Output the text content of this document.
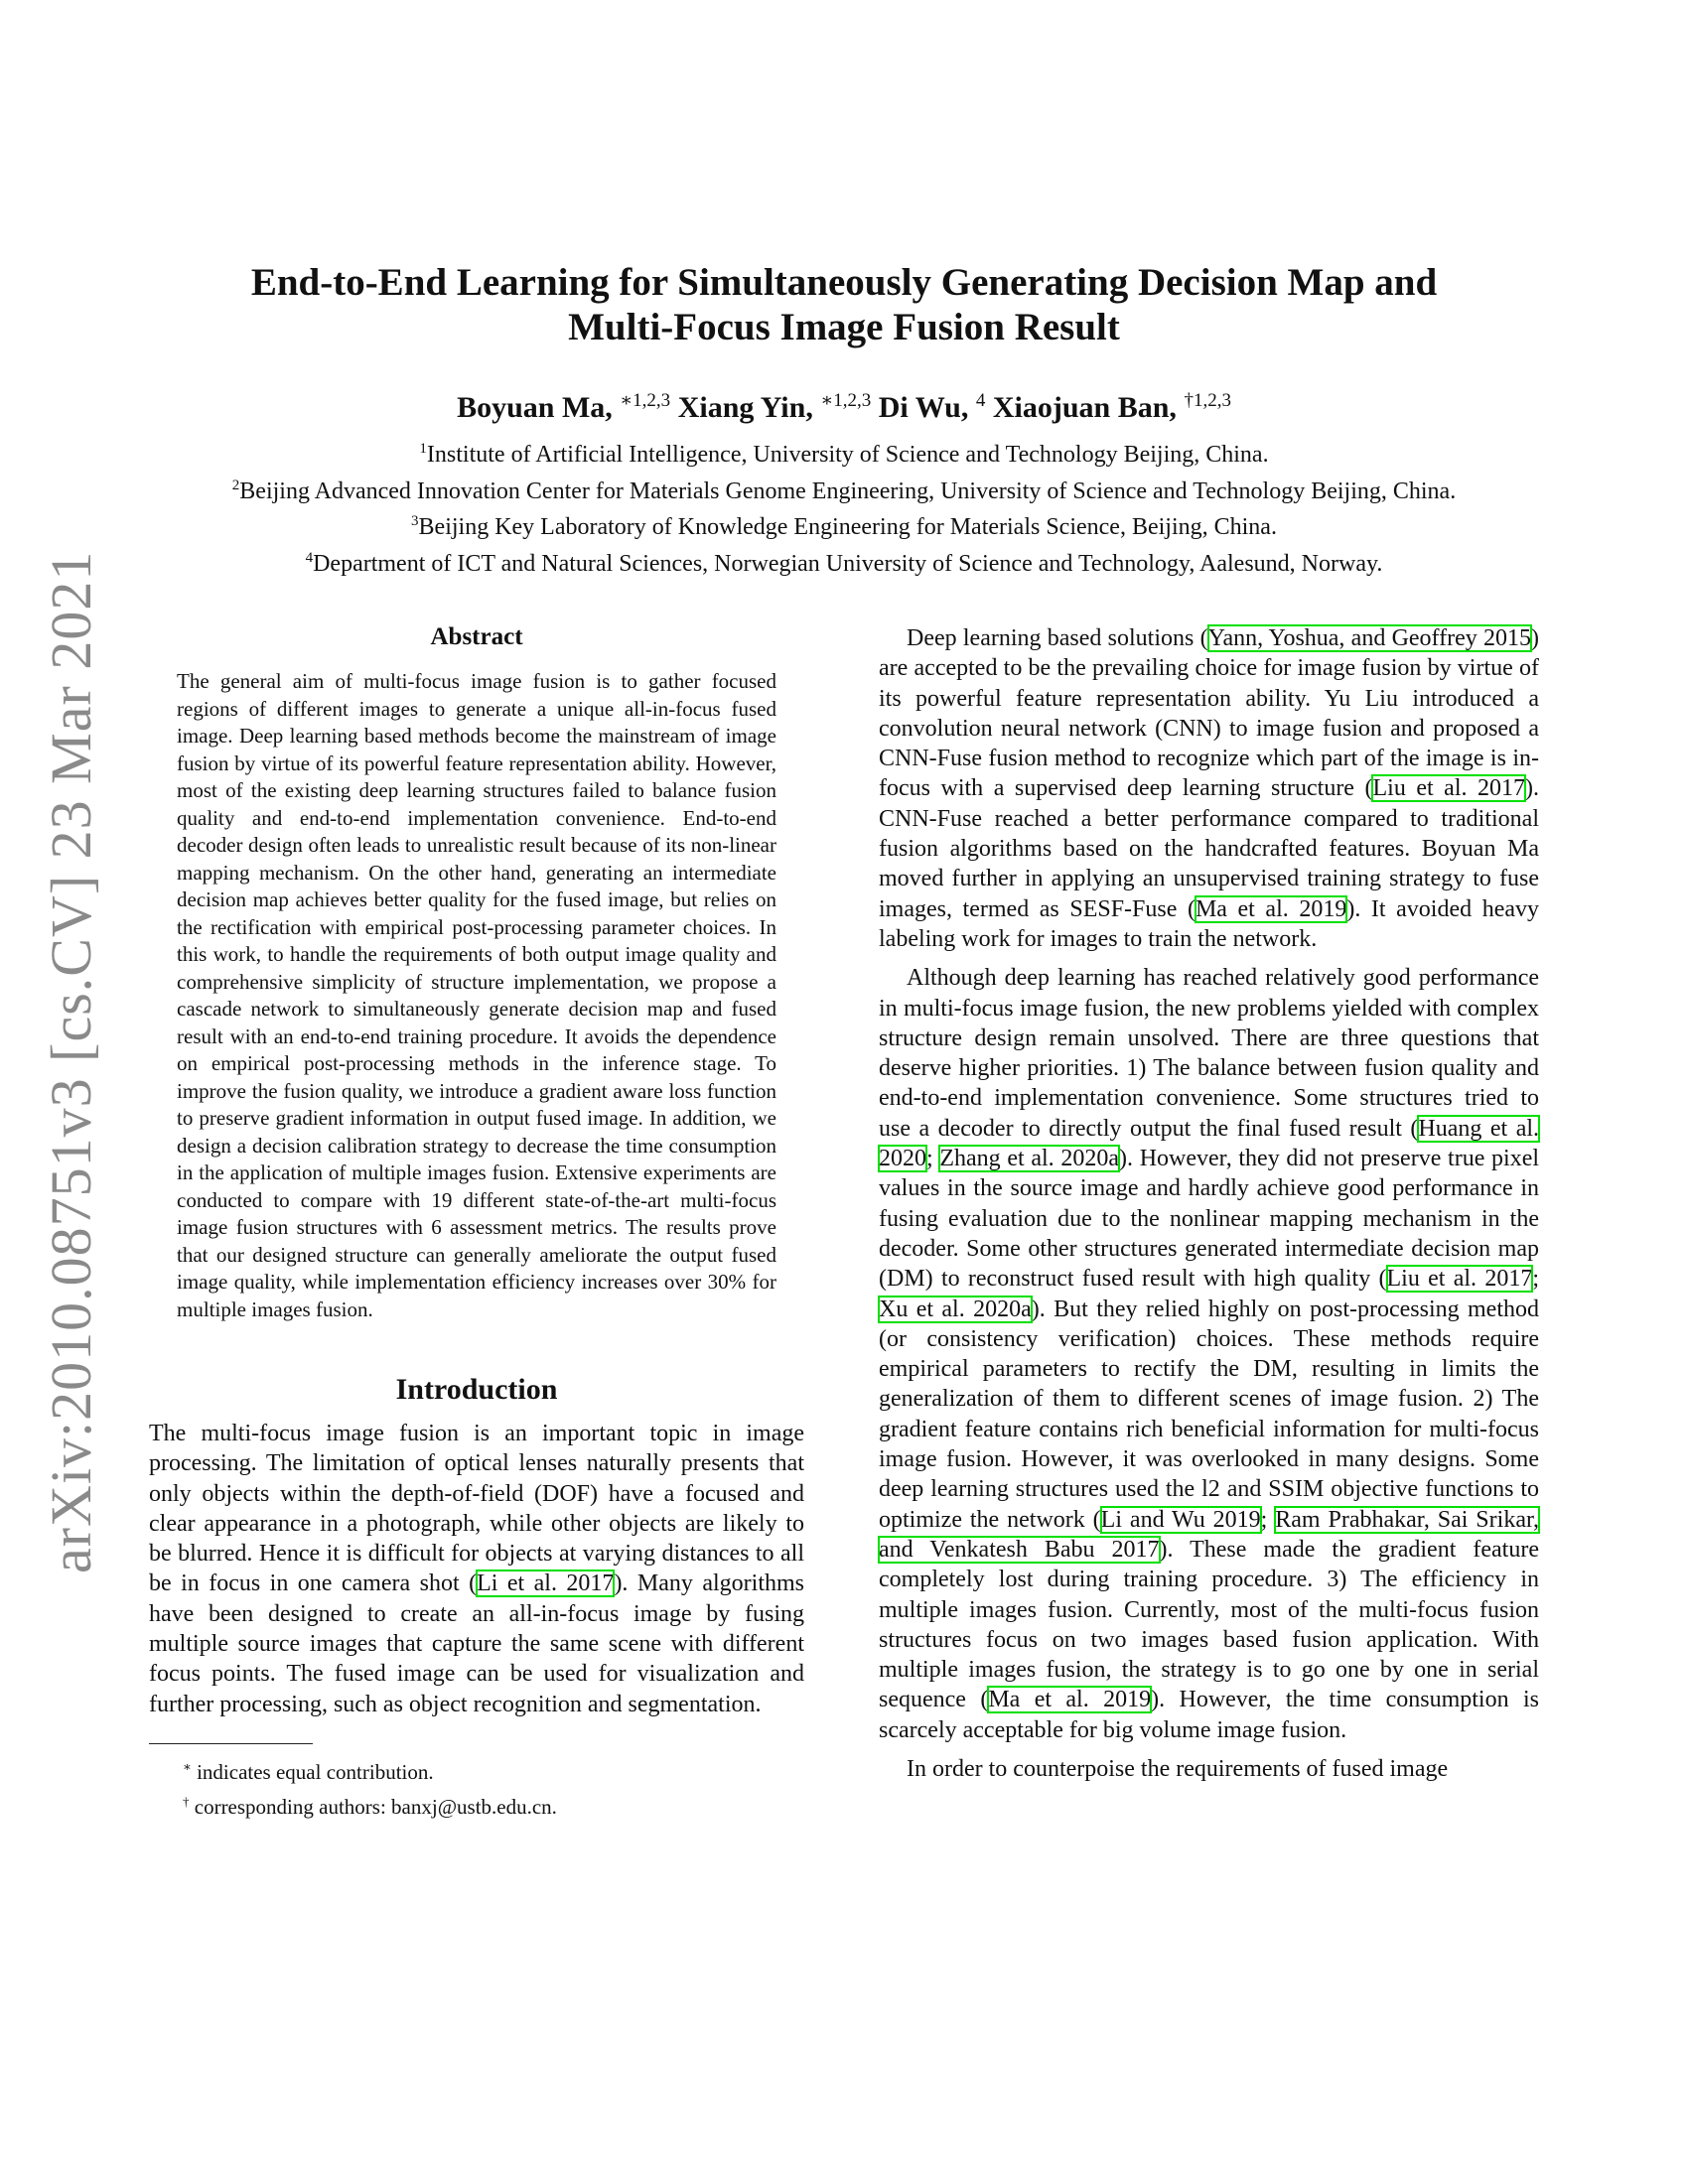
arXiv:2010.08751v3 [cs.CV] 23 Mar 2021
End-to-End Learning for Simultaneously Generating Decision Map and
Multi-Focus Image Fusion Result
Boyuan Ma, $^{∗1,2,3}$ Xiang Yin, $^{∗1,2,3}$ Di Wu, $^4$ Xiaojuan Ban, $^{\dagger 1,2,3}$
$^1$Institute of Artificial Intelligence, University of Science and Technology Beijing, China.
$^2$Beijing Advanced Innovation Center for Materials Genome Engineering, University of Science and Technology Beijing, China.
$^3$Beijing Key Laboratory of Knowledge Engineering for Materials Science, Beijing, China.
$^4$Department of ICT and Natural Sciences, Norwegian University of Science and Technology, Aalesund, Norway.
Abstract

The general aim of multi-focus image fusion is to gather focused regions of different images to generate a unique all-in-focus fused image. Deep learning based methods become the mainstream of image fusion by virtue of its powerful feature representation ability. However, most of the existing deep learning structures failed to balance fusion quality and end-to-end implementation convenience. End-to-end decoder design often leads to unrealistic result because of its non-linear mapping mechanism. On the other hand, generating an intermediate decision map achieves better quality for the fused image, but relies on the rectification with empirical post-processing parameter choices. In this work, to handle the requirements of both output image quality and comprehensive simplicity of structure implementation, we propose a cascade network to simultaneously generate decision map and fused result with an end-to-end training procedure. It avoids the dependence on empirical post-processing methods in the inference stage. To improve the fusion quality, we introduce a gradient aware loss function to preserve gradient information in output fused image. In addition, we design a decision calibration strategy to decrease the time consumption in the application of multiple images fusion. Extensive experiments are conducted to compare with 19 different state-of-the-art multi-focus image fusion structures with 6 assessment metrics. The results prove that our designed structure can generally ameliorate the output fused image quality, while implementation efficiency increases over 30% for multiple images fusion.

Introduction

The multi-focus image fusion is an important topic in image processing. The limitation of optical lenses naturally presents that only objects within the depth-of-field (DOF) have a focused and clear appearance in a photograph, while other objects are likely to be blurred. Hence it is difficult for objects at varying distances to all be in focus in one camera shot (Li et al. 2017). Many algorithms have been designed to create an all-in-focus image by fusing multiple source images that capture the same scene with different focus points. The fused image can be used for visualization and further processing, such as object recognition and segmentation.

∗ indicates equal contribution.
† corresponding authors: banxj@ustb.edu.cn.

Deep learning based solutions (Yann, Yoshua, and Geoffrey 2015) are accepted to be the prevailing choice for image fusion by virtue of its powerful feature representation ability. Yu Liu introduced a convolution neural network (CNN) to image fusion and proposed a CNN-Fuse fusion method to recognize which part of the image is in-focus with a supervised deep learning structure (Liu et al. 2017). CNN-Fuse reached a better performance compared to traditional fusion algorithms based on the handcrafted features. Boyuan Ma moved further in applying an unsupervised training strategy to fuse images, termed as SESF-Fuse (Ma et al. 2019). It avoided heavy labeling work for images to train the network.

Although deep learning has reached relatively good performance in multi-focus image fusion, the new problems yielded with complex structure design remain unsolved. There are three questions that deserve higher priorities. 1) The balance between fusion quality and end-to-end implementation convenience. Some structures tried to use a decoder to directly output the final fused result (Huang et al. 2020; Zhang et al. 2020a). However, they did not preserve true pixel values in the source image and hardly achieve good performance in fusing evaluation due to the nonlinear mapping mechanism in the decoder. Some other structures generated intermediate decision map (DM) to reconstruct fused result with high quality (Liu et al. 2017; Xu et al. 2020a). But they relied highly on post-processing method (or consistency verification) choices. These methods require empirical parameters to rectify the DM, resulting in limits the generalization of them to different scenes of image fusion. 2) The gradient feature contains rich beneficial information for multi-focus image fusion. However, it was overlooked in many designs. Some deep learning structures used the l2 and SSIM objective functions to optimize the network (Li and Wu 2019; Ram Prabhakar, Sai Srikar, and Venkatesh Babu 2017). These made the gradient feature completely lost during training procedure. 3) The efficiency in multiple images fusion. Currently, most of the multi-focus fusion structures focus on two images based fusion application. With multiple images fusion, the strategy is to go one by one in serial sequence (Ma et al. 2019). However, the time consumption is scarcely acceptable for big volume image fusion.

In order to counterpoise the requirements of fused image
